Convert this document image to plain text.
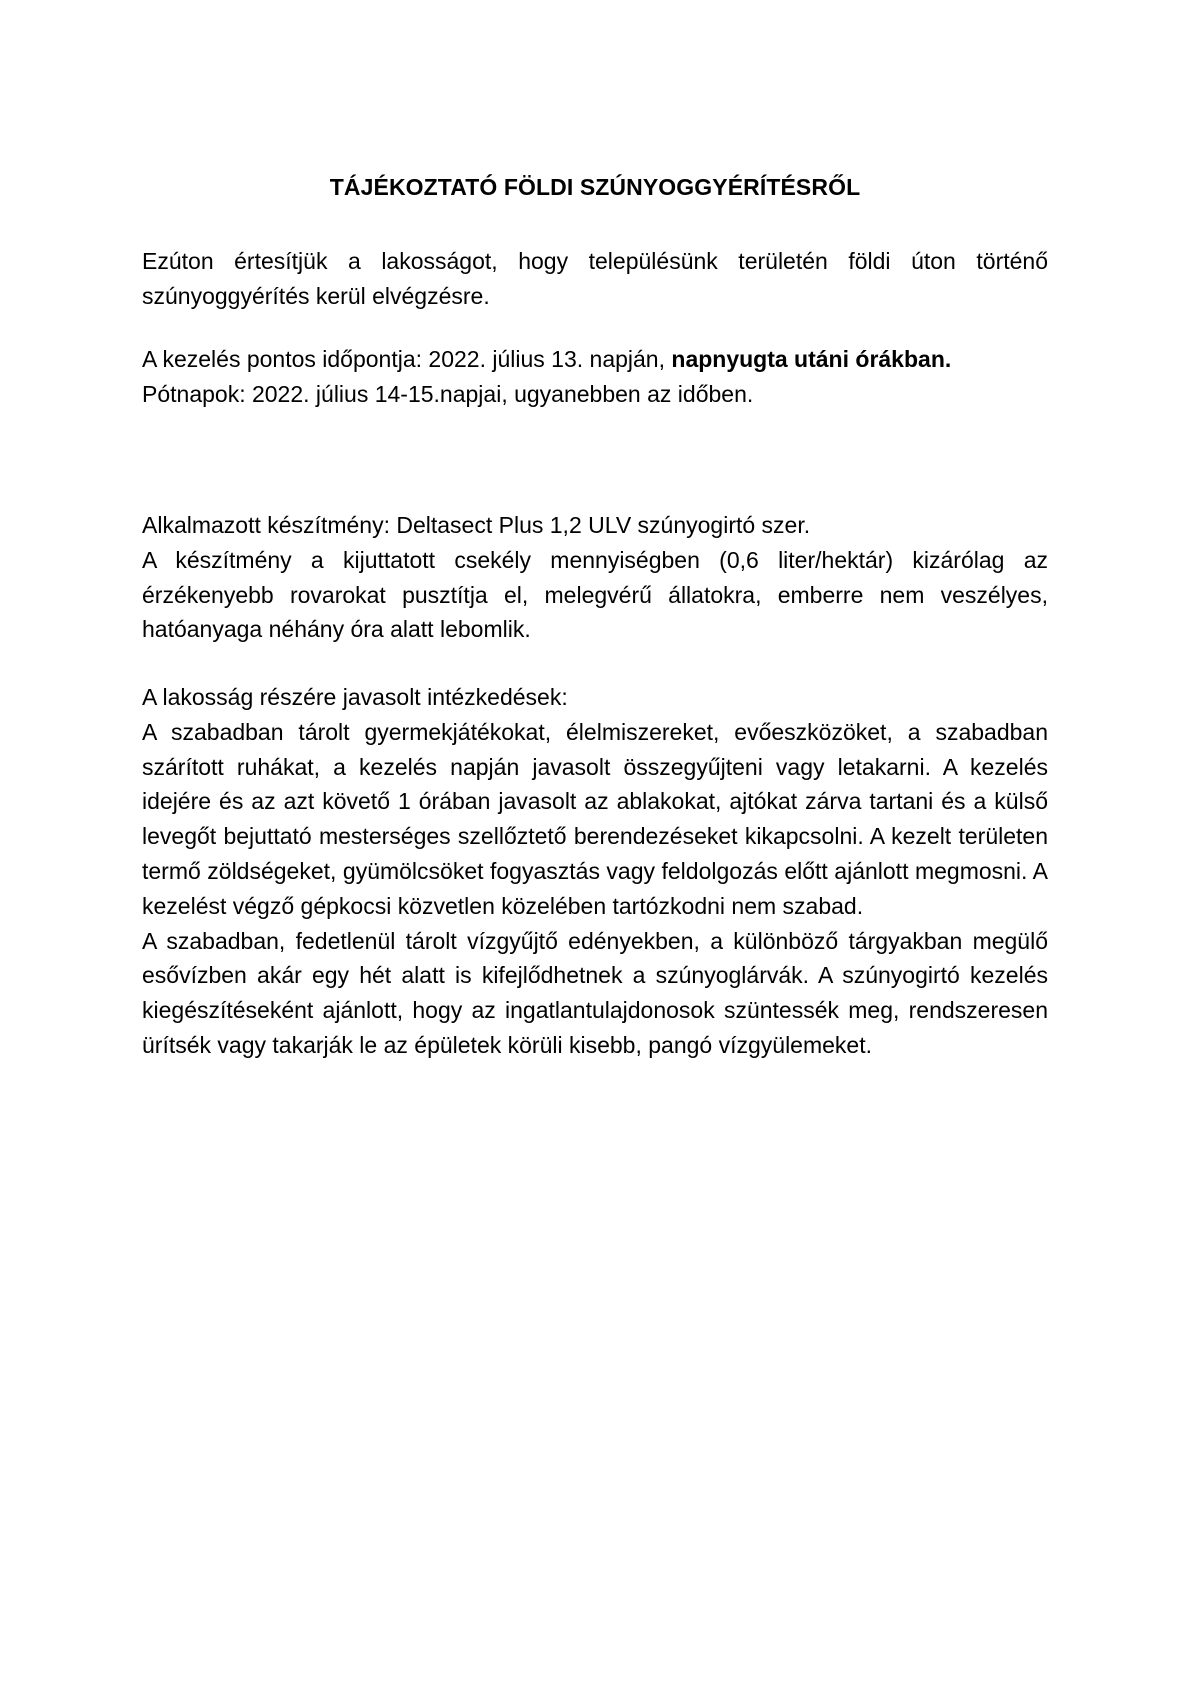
TÁJÉKOZTATÓ FÖLDI SZÚNYOGGYÉRÍTÉSRŐL

Ezúton értesítjük a lakosságot, hogy településünk területén földi úton történő szúnyoggyérítés kerül elvégzésre.

A kezelés pontos időpontja: 2022. július 13. napján, napnyugta utáni órákban.
Pótnapok: 2022. július 14-15.napjai, ugyanebben az időben.
Alkalmazott készítmény: Deltasect Plus 1,2 ULV szúnyogirtó szer.

A készítmény a kijuttatott csekély mennyiségben (0,6 liter/hektár) kizárólag az érzékenyebb rovarokat pusztítja el, melegvérű állatokra, emberre nem veszélyes, hatóanyaga néhány óra alatt lebomlik.

A lakosság részére javasolt intézkedések:

A szabadban tárolt gyermekjátékokat, élelmiszereket, evőeszközöket, a szabadban szárított ruhákat, a kezelés napján javasolt összegyűjteni vagy letakarni. A kezelés idejére és az azt követő 1 órában javasolt az ablakokat, ajtókat zárva tartani és a külső levegőt bejuttató mesterséges szellőztető berendezéseket kikapcsolni. A kezelt területen termő zöldségeket, gyümölcsöket fogyasztás vagy feldolgozás előtt ajánlott megmosni. A kezelést végző gépkocsi közvetlen közelében tartózkodni nem szabad.

A szabadban, fedetlenül tárolt vízgyűjtő edényekben, a különböző tárgyakban megülő esővízben akár egy hét alatt is kifejlődhetnek a szúnyoglárvák. A szúnyogirtó kezelés kiegészítéseként ajánlott, hogy az ingatlantulajdonosok szüntessék meg, rendszeresen ürítsék vagy takarják le az épületek körüli kisebb, pangó vízgyülemeket.
